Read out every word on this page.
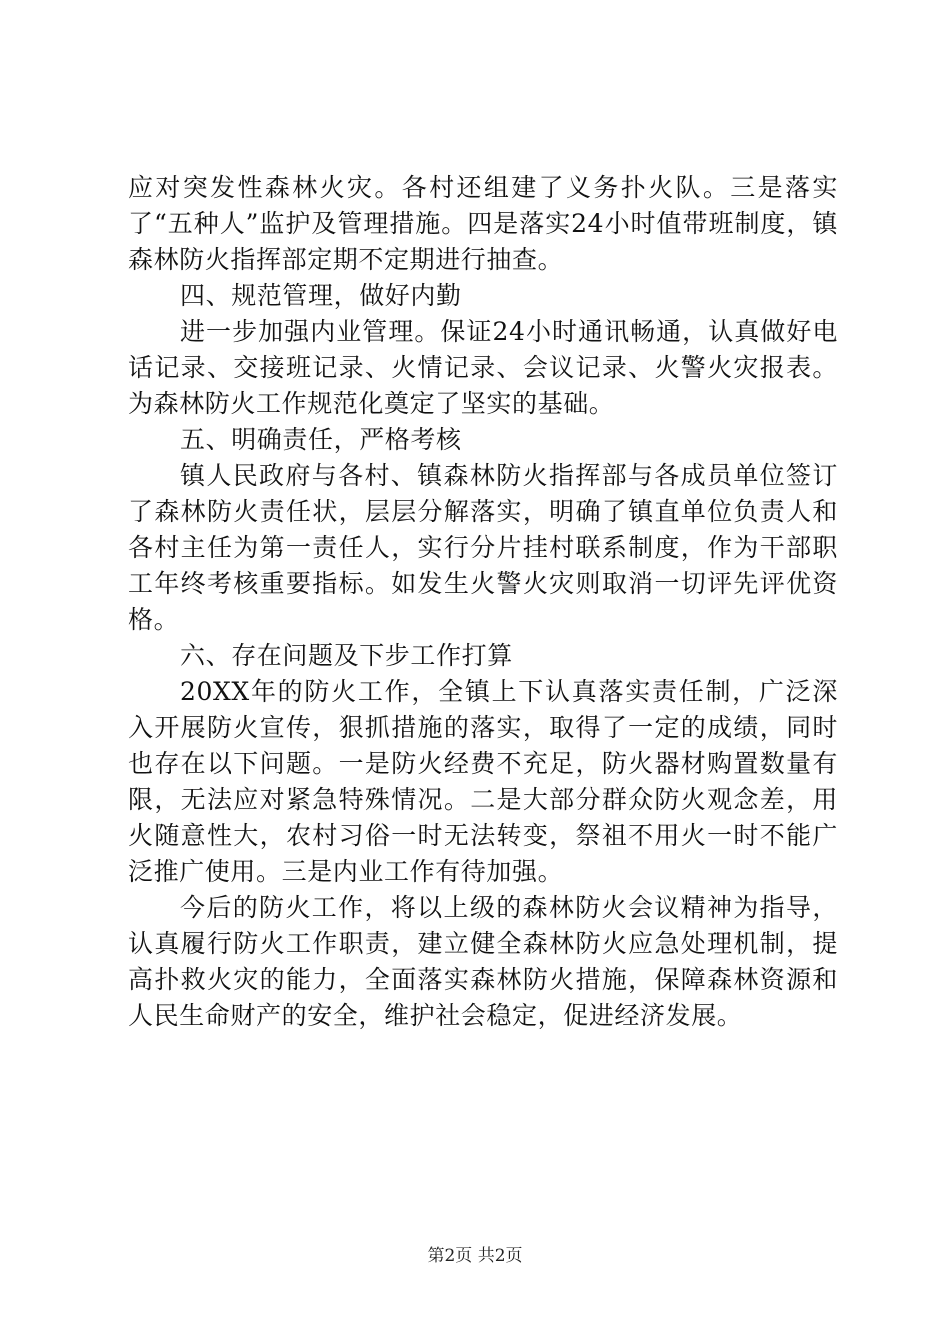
应对突发性森林火灾。各村还组建了义务扑火队。三是落实了“五种人”监护及管理措施。四是落实24小时值带班制度，镇森林防火指挥部定期不定期进行抽查。

四、规范管理，做好内勤

进一步加强内业管理。保证24小时通讯畅通，认真做好电话记录、交接班记录、火情记录、会议记录、火警火灾报表。为森林防火工作规范化奠定了坚实的基础。

五、明确责任，严格考核

镇人民政府与各村、镇森林防火指挥部与各成员单位签订了森林防火责任状，层层分解落实，明确了镇直单位负责人和各村主任为第一责任人，实行分片挂村联系制度，作为干部职工年终考核重要指标。如发生火警火灾则取消一切评先评优资格。

六、存在问题及下步工作打算

20XX年的防火工作，全镇上下认真落实责任制，广泛深入开展防火宣传，狠抓措施的落实，取得了一定的成绩，同时也存在以下问题。一是防火经费不充足，防火器材购置数量有限，无法应对紧急特殊情况。二是大部分群众防火观念差，用火随意性大，农村习俗一时无法转变，祭祖不用火一时不能广泛推广使用。三是内业工作有待加强。

今后的防火工作，将以上级的森林防火会议精神为指导，认真履行防火工作职责，建立健全森林防火应急处理机制，提高扑救火灾的能力，全面落实森林防火措施，保障森林资源和人民生命财产的安全，维护社会稳定，促进经济发展。

第2页 共2页
